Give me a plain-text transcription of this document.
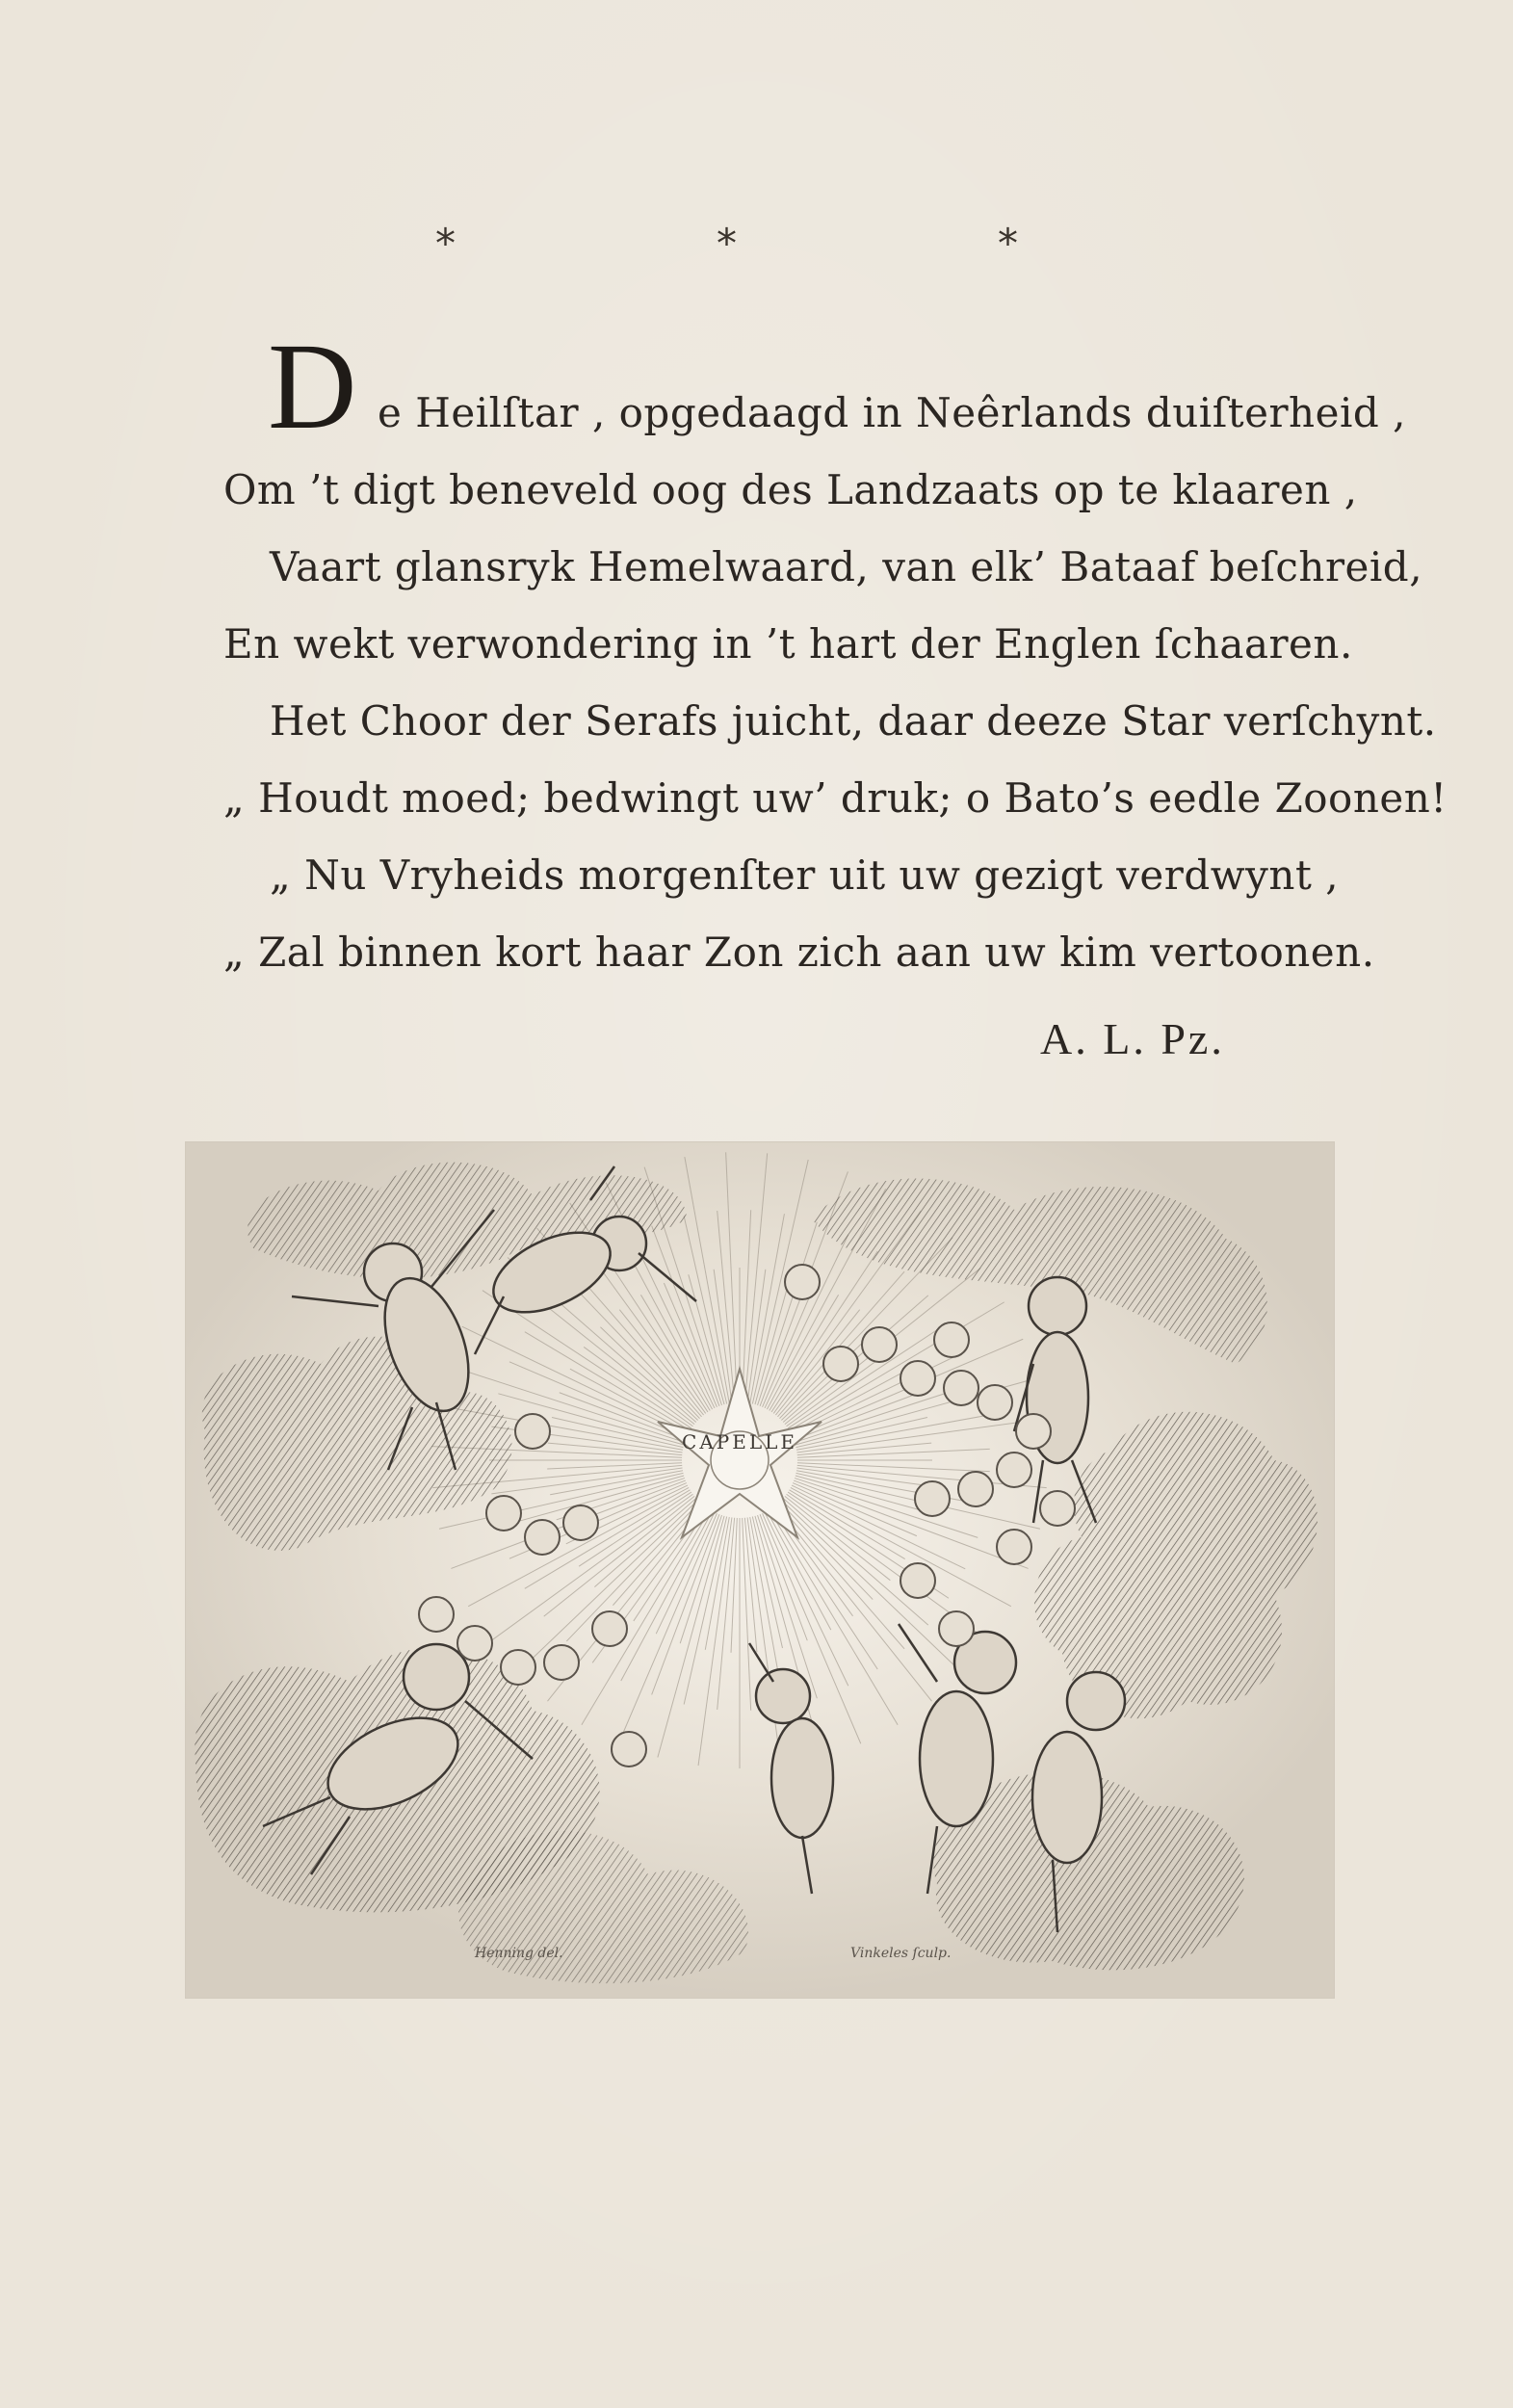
*	*	*
D e Heilſtar , opgedaagd in Neêrlands duiſterheid ,
Om ’t digt beneveld oog des Landzaats op te klaaren ,
Vaart glansryk Hemelwaard, van elk’ Bataaf beſchreid,
En wekt verwondering in ’t hart der Englen ſchaaren.
Het Choor der Serafs juicht, daar deeze Star verſchynt.
„ Houdt moed; bedwingt uw’ druk; o Bato’s eedle Zoonen!
„ Nu Vryheids morgenſter uit uw gezigt verdwynt ,
„ Zal binnen kort haar Zon zich aan uw kim vertoonen.
A. L. Pz.
CAPELLE
Henning del.	Vinkeles ſculp.
